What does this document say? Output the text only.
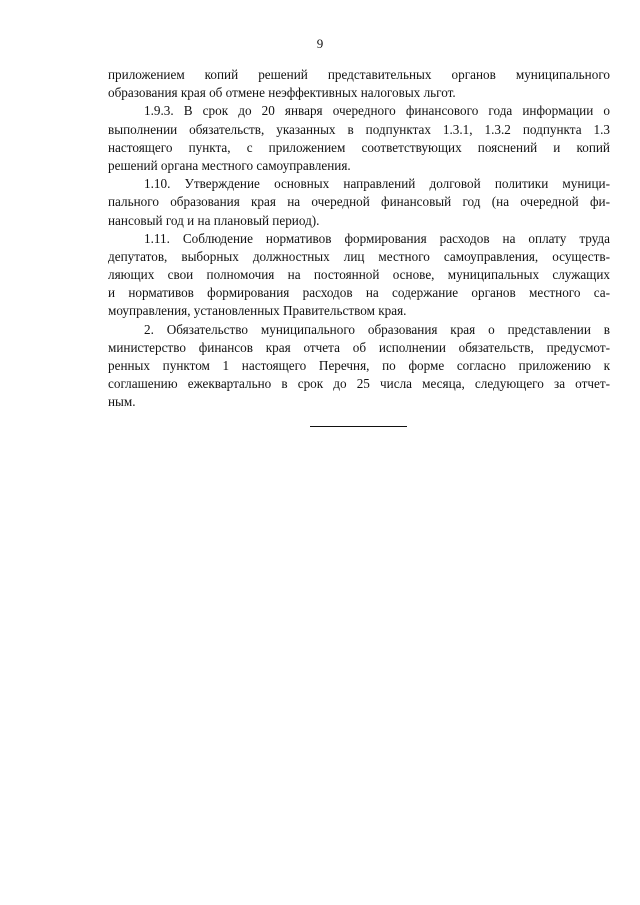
9
приложением копий решений представительных органов муниципального
образования края об отмене неэффективных налоговых льгот.
1.9.3. В срок до 20 января очередного финансового года информации о
выполнении обязательств, указанных в подпунктах 1.3.1, 1.3.2 подпункта 1.3
настоящего пункта, с приложением соответствующих пояснений и копий
решений органа местного самоуправления.
1.10. Утверждение основных направлений долговой политики муници-
пального образования края на очередной финансовый год (на очередной фи-
нансовый год и на плановый период).
1.11. Соблюдение нормативов формирования расходов на оплату труда
депутатов, выборных должностных лиц местного самоуправления, осуществ-
ляющих свои полномочия на постоянной основе, муниципальных служащих
и нормативов формирования расходов на содержание органов местного са-
моуправления, установленных Правительством края.
2. Обязательство муниципального образования края о представлении в
министерство финансов края отчета об исполнении обязательств, предусмот-
ренных пунктом 1 настоящего Перечня, по форме согласно приложению к
соглашению ежеквартально в срок до 25 числа месяца, следующего за отчет-
ным.
